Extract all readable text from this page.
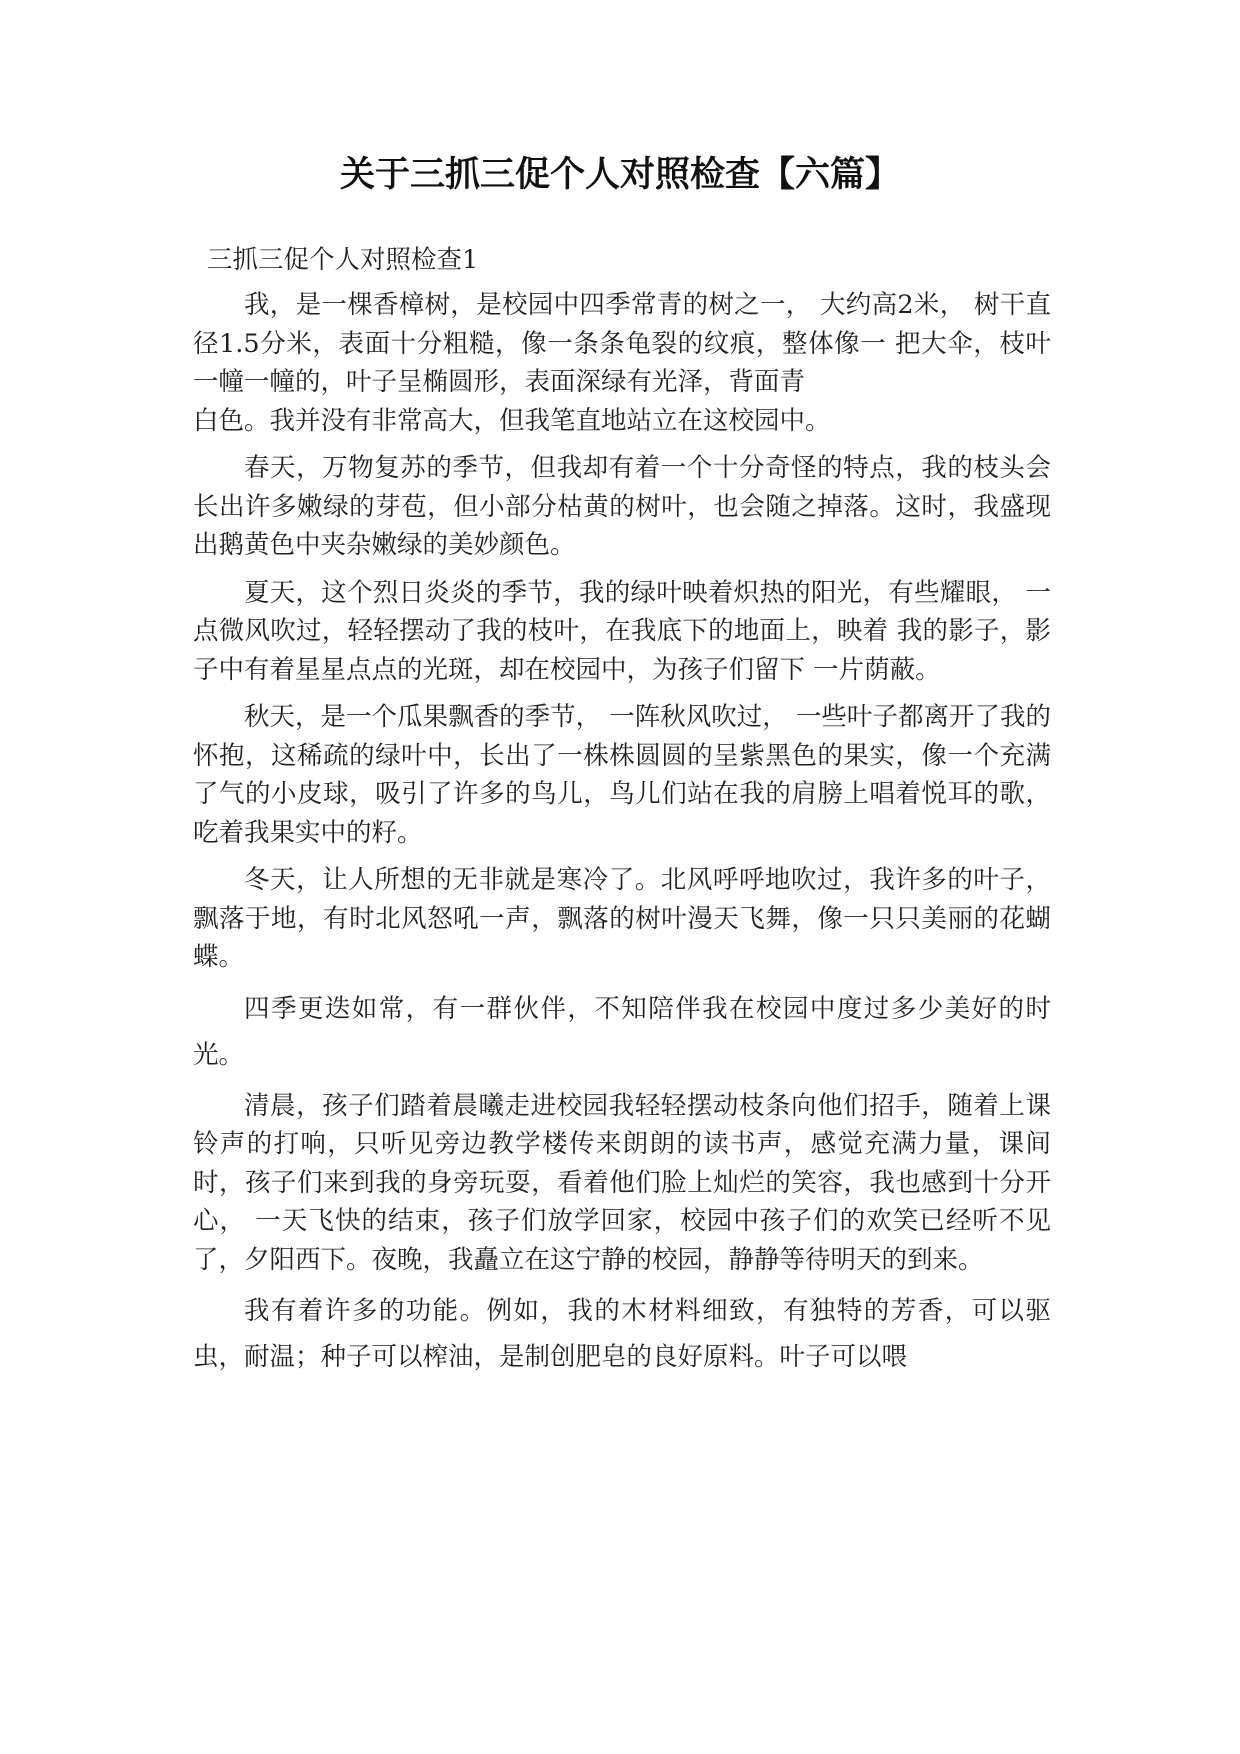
关于三抓三促个人对照检查【六篇】
三抓三促个人对照检查1

我，是一棵香樟树，是校园中四季常青的树之一， 大约高2米， 树干直径1.5分米，表面十分粗糙，像一条条龟裂的纹痕，整体像一 把大伞，枝叶一幢一幢的，叶子呈椭圆形，表面深绿有光泽，背面青
白色。我并没有非常高大，但我笔直地站立在这校园中。

春天，万物复苏的季节，但我却有着一个十分奇怪的特点，我的枝头会长出许多嫩绿的芽苞，但小部分枯黄的树叶，也会随之掉落。这时，我盛现出鹅黄色中夹杂嫩绿的美妙颜色。

夏天，这个烈日炎炎的季节，我的绿叶映着炽热的阳光，有些耀眼， 一点微风吹过，轻轻摆动了我的枝叶，在我底下的地面上，映着 我的影子，影子中有着星星点点的光斑，却在校园中，为孩子们留下 一片荫蔽。

秋天，是一个瓜果飘香的季节， 一阵秋风吹过， 一些叶子都离开了我的怀抱，这稀疏的绿叶中，长出了一株株圆圆的呈紫黑色的果实，像一个充满了气的小皮球，吸引了许多的鸟儿，鸟儿们站在我的肩膀上唱着悦耳的歌，吃着我果实中的籽。

冬天，让人所想的无非就是寒冷了。北风呼呼地吹过，我许多的叶子，飘落于地，有时北风怒吼一声，飘落的树叶漫天飞舞，像一只只美丽的花蝴蝶。

四季更迭如常，有一群伙伴，不知陪伴我在校园中度过多少美好的时光。

清晨，孩子们踏着晨曦走进校园我轻轻摆动枝条向他们招手，随着上课铃声的打响，只听见旁边教学楼传来朗朗的读书声，感觉充满力量，课间时，孩子们来到我的身旁玩耍，看着他们脸上灿烂的笑容，我也感到十分开心， 一天飞快的结束，孩子们放学回家，校园中孩子们的欢笑已经听不见了，夕阳西下。夜晚，我矗立在这宁静的校园，静静等待明天的到来。

我有着许多的功能。例如，我的木材料细致，有独特的芳香，可以驱虫，耐温；种子可以榨油，是制创肥皂的良好原料。叶子可以喂
